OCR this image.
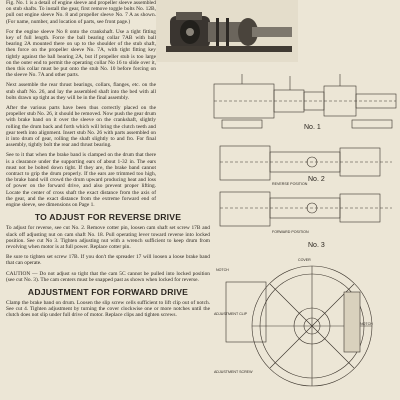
Fig. No. 1 is a detail of engine sleeve and propeller sleeve assembled on stub shafts. To install the gear, first remove toggle bolts No. 12B, pull out engine sleeve No. 8 and propeller sleeve No. 7 A as shown. (For name, number, and location of parts, see front page.)

For the engine sleeve No 8 onto the crankshaft. Use a tight fitting key of full length. Force the ball bearing collar 7AB with ball bearing 2A mounted there on up to the shoulder of the stub shaft, then force on the propeller sleeve No. 7A, with tight fitting key tightly against the ball bearing 2A, but if propeller stub is too large on the outer end to permit the operating collar No 16 to slide over it, then this collar must be put onto the stub No. 10 before forcing on the sleeve No. 7A and other parts.

Next assemble the rear thrust bearings, collars, flanges, etc. on the stub shaft No. 26, and lay the assembled shaft into the bed with all bolts drawn up tight as they will be in the final assembly.

After the various parts have been thus correctly placed on the propeller stub No. 26, it should be removed. Now push the gear drum with brake band on it over the sleeve on the crankshaft, slightly rolling the drum back and forth which will bring the clutch teeth and gear teeth into alignment. Insert stub No. 26 with parts assembled on it into drum of gear, rolling the shaft slightly to and fro. For final assembly, tightly bolt the rear and thrust bearing.

See to it that when the brake band is clamped on the drum that there is a clearance under the supporting ears of about 1-32 in. The ears must not be bolted down tight. If they are, the brake band cannot contract to grip the drum properly. If the ears are trimmed too high, the brake band will crowd the drum upward producing heat and loss of power on the forward drive, and also prevent proper lifting. Locate the center of cross shaft the exact distance from the axis of the gear, and the exact distance from the extreme forward end of engine sleeve, see dimensions on Page 1.

TO ADJUST FOR REVERSE DRIVE

To adjust for reverse, see cut No. 2. Remove cotter pin, loosen cam shaft set screw 17B and slack off adjusting nut on cam shaft No. 18. Pull operating lever toward reverse into locked position. See cut No 3. Tighten adjusting nut with a wrench sufficient to keep drum from revolving when motor is at full power. Replace cotter pin.

Be sure to tighten set screw 17B. If you don't the spreader 17 will loosen a loose brake band that can operate.

CAUTION — Do not adjust so tight that the cam 5C cannot be pulled into locked position (see cut No. 3). The cam centers must be snapped past as shown when locked for reverse.

ADJUSTMENT FOR FORWARD DRIVE

Clamp the brake band on drum. Loosen the slip screw cells sufficient to lift clip out of notch. See cut 4. Tighten adjustment by turning the cover clockwise one or more notches until the clutch does not slip under full drive of motor. Replace clips and tighten screws.

No. 1
REVERSE POSITION
No. 2
FORWARD POSITION
No. 3
NOTCH
COVER
ADJUSTMENT CLIP
NOTCH
ADJUSTMENT SCREW
